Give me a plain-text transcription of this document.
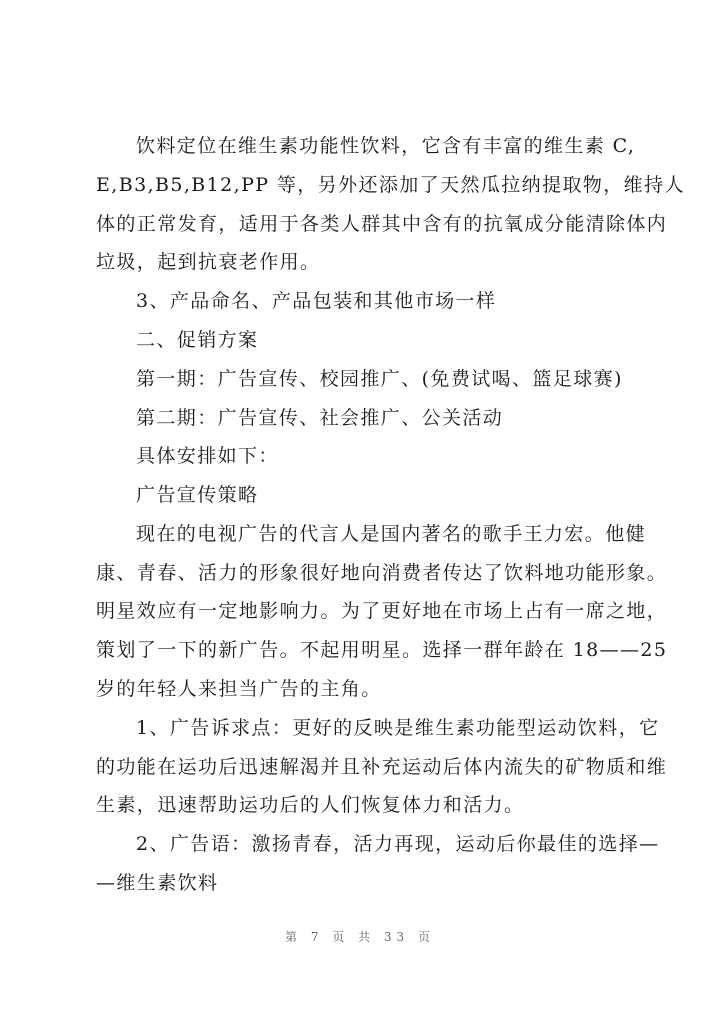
饮料定位在维生素功能性饮料，它含有丰富的维生素 C,
E,B3,B5,B12,PP 等，另外还添加了天然瓜拉纳提取物，维持人
体的正常发育，适用于各类人群其中含有的抗氧成分能清除体内
垃圾，起到抗衰老作用。
3、产品命名、产品包装和其他市场一样
二、促销方案
第一期：广告宣传、校园推广、(免费试喝、篮足球赛)
第二期：广告宣传、社会推广、公关活动
具体安排如下：
广告宣传策略
现在的电视广告的代言人是国内著名的歌手王力宏。他健
康、青春、活力的形象很好地向消费者传达了饮料地功能形象。
明星效应有一定地影响力。为了更好地在市场上占有一席之地，
策划了一下的新广告。不起用明星。选择一群年龄在 18——25
岁的年轻人来担当广告的主角。
1、广告诉求点：更好的反映是维生素功能型运动饮料，它
的功能在运功后迅速解渴并且补充运动后体内流失的矿物质和维
生素，迅速帮助运功后的人们恢复体力和活力。
2、广告语：激扬青春，活力再现，运动后你最佳的选择—
—维生素饮料
第 7 页 共 33 页
